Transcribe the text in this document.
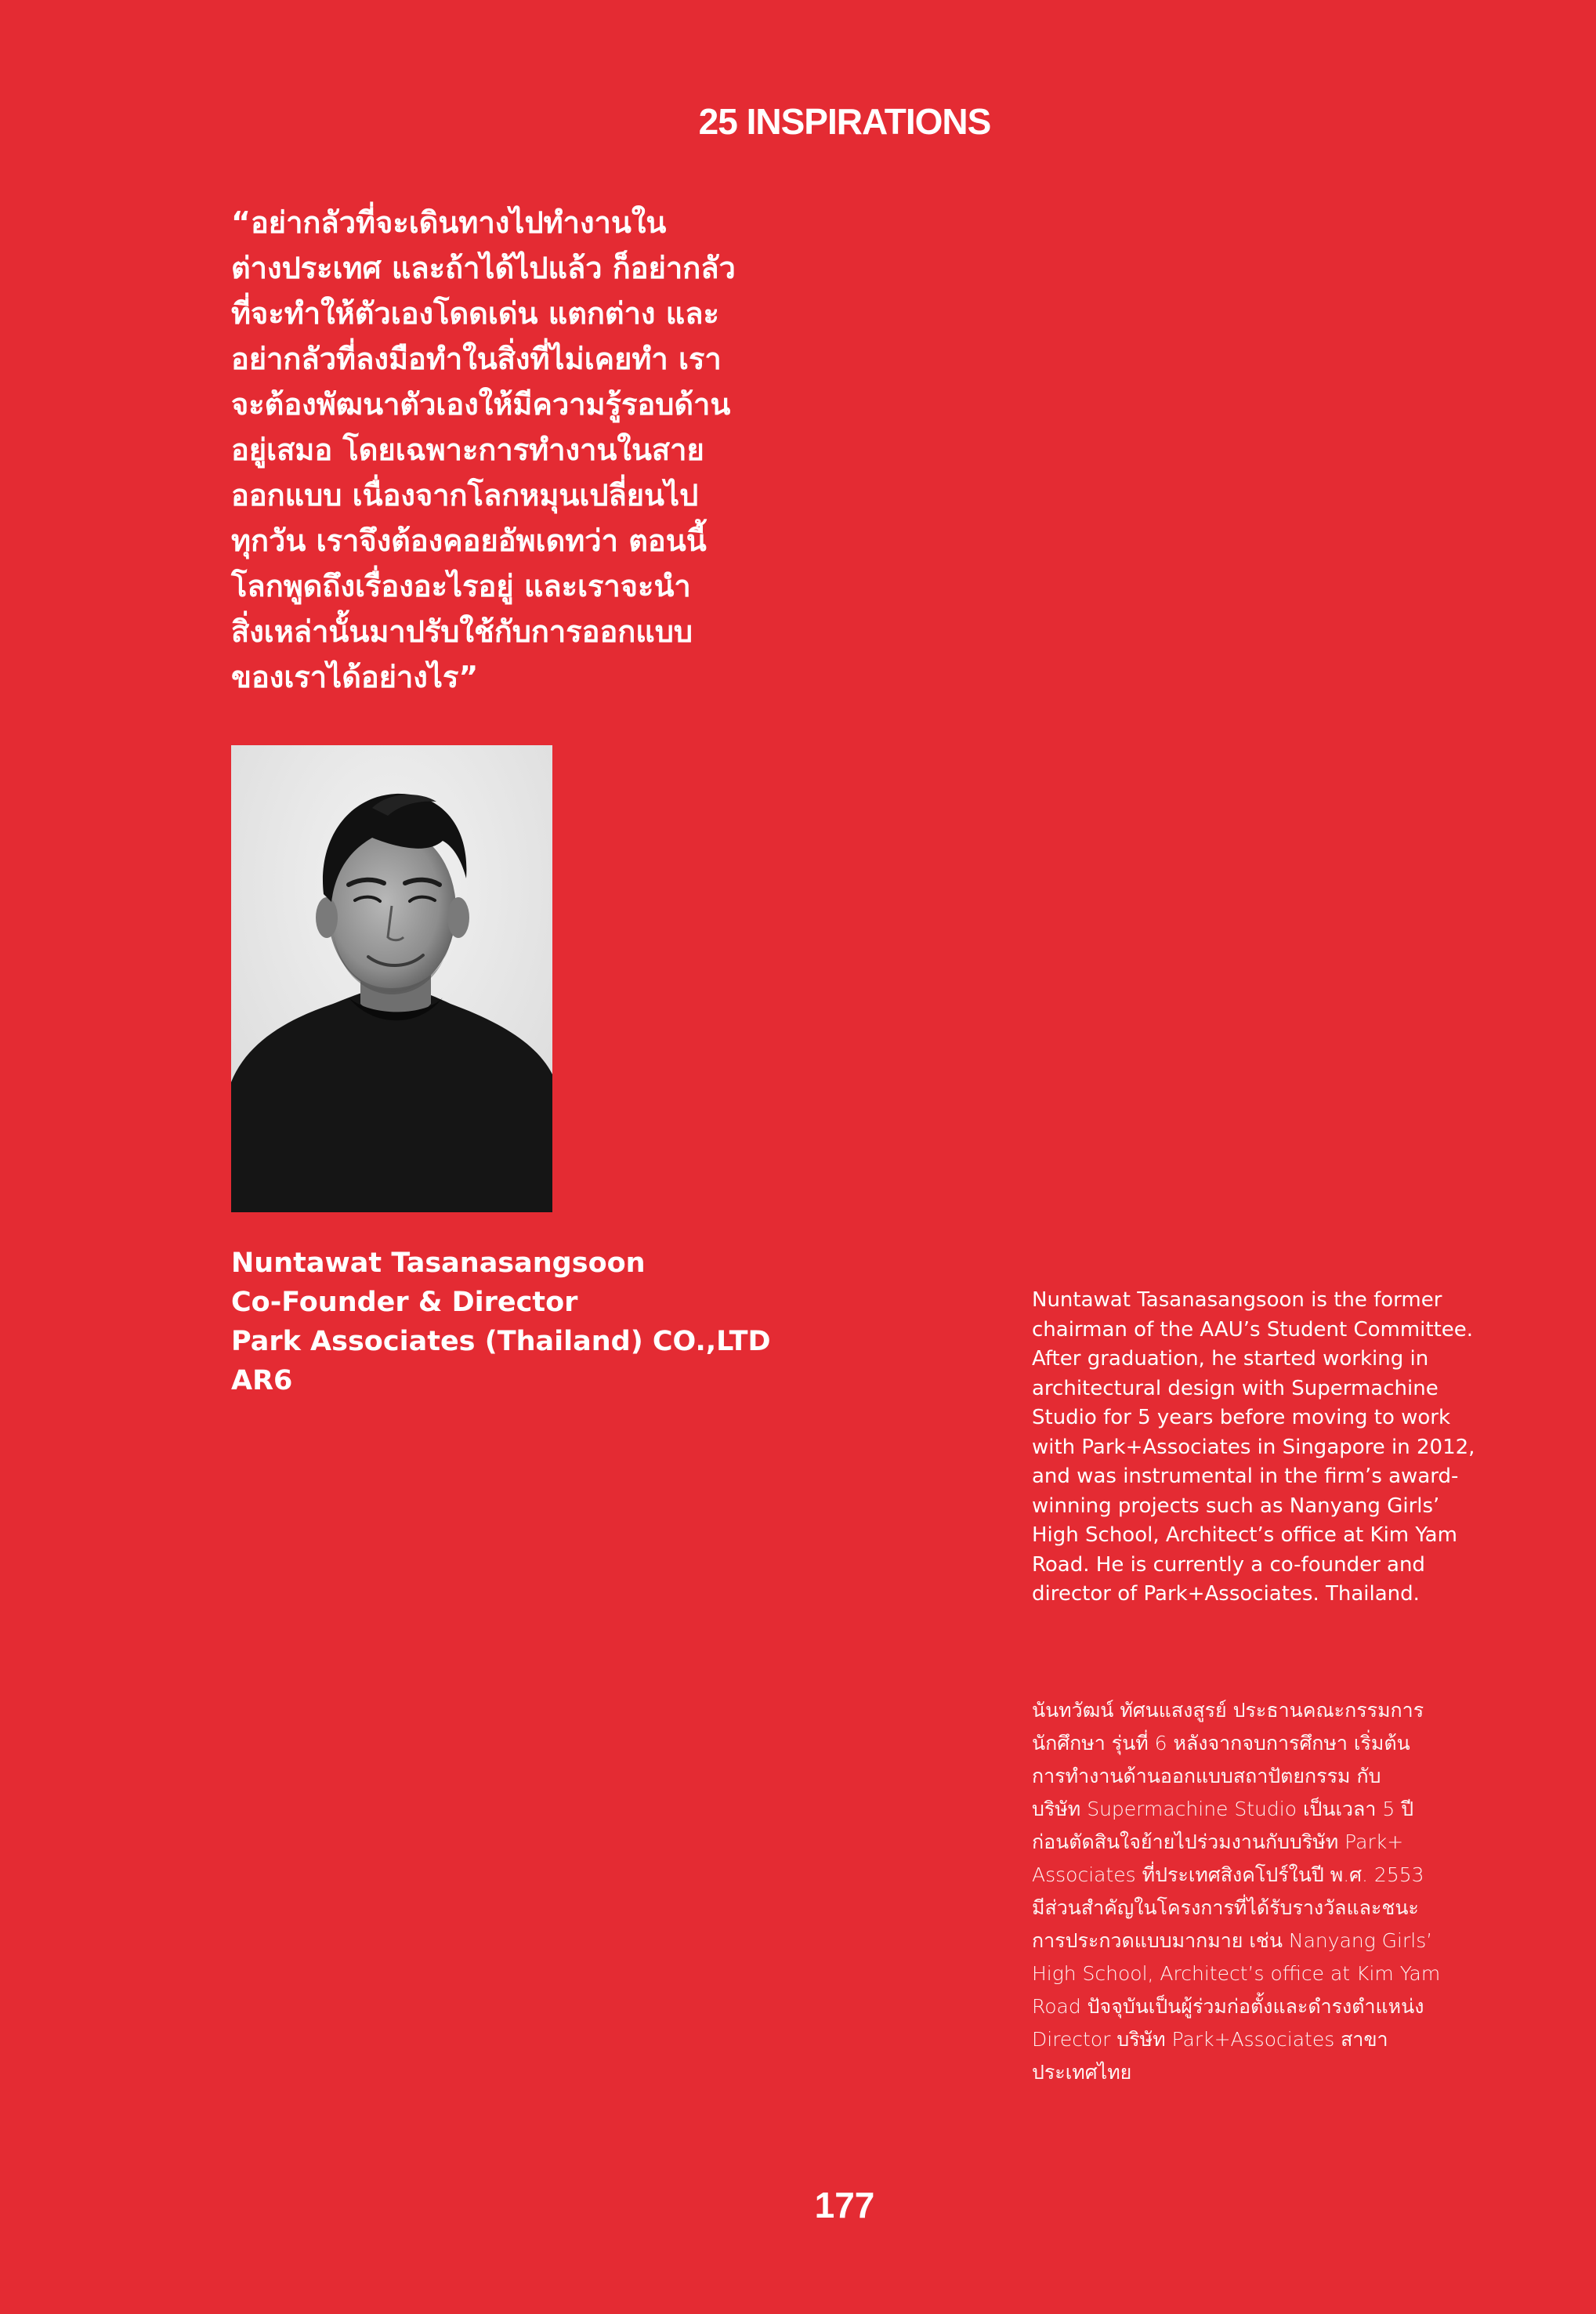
25 INSPIRATIONS
“อย่ากลัวที่จะเดินทางไปทำงานใน
ต่างประเทศ และถ้าได้ไปแล้ว ก็อย่ากลัว
ที่จะทำให้ตัวเองโดดเด่น แตกต่าง และ
อย่ากลัวที่ลงมือทำในสิ่งที่ไม่เคยทำ เรา
จะต้องพัฒนาตัวเองให้มีความรู้รอบด้าน
อยู่เสมอ โดยเฉพาะการทำงานในสาย
ออกแบบ เนื่องจากโลกหมุนเปลี่ยนไป
ทุกวัน เราจึงต้องคอยอัพเดทว่า ตอนนี้
โลกพูดถึงเรื่องอะไรอยู่ และเราจะนำ
สิ่งเหล่านั้นมาปรับใช้กับการออกแบบ
ของเราได้อย่างไร”
Nuntawat Tasanasangsoon
Co-Founder & Director
Park Associates (Thailand) CO.,LTD
AR6
Nuntawat Tasanasangsoon is the former
chairman of the AAU’s Student Committee.
After graduation, he started working in
architectural design with Supermachine
Studio for 5 years before moving to work
with Park+Associates in Singapore in 2012,
and was instrumental in the firm’s award-
winning projects such as Nanyang Girls’
High School, Architect’s office at Kim Yam
Road. He is currently a co-founder and
director of Park+Associates. Thailand.
นันทวัฒน์ ทัศนแสงสูรย์ ประธานคณะกรรมการ
นักศึกษา รุ่นที่ 6 หลังจากจบการศึกษา เริ่มต้น
การทำงานด้านออกแบบสถาปัตยกรรม กับ
บริษัท Supermachine Studio เป็นเวลา 5 ปี
ก่อนตัดสินใจย้ายไปร่วมงานกับบริษัท Park+
Associates ที่ประเทศสิงคโปร์ในปี พ.ศ. 2553
มีส่วนสำคัญในโครงการที่ได้รับรางวัลและชนะ
การประกวดแบบมากมาย เช่น Nanyang Girls’
High School, Architect’s office at Kim Yam
Road ปัจจุบันเป็นผู้ร่วมก่อตั้งและดำรงตำแหน่ง
Director บริษัท Park+Associates สาขา
ประเทศไทย
177
